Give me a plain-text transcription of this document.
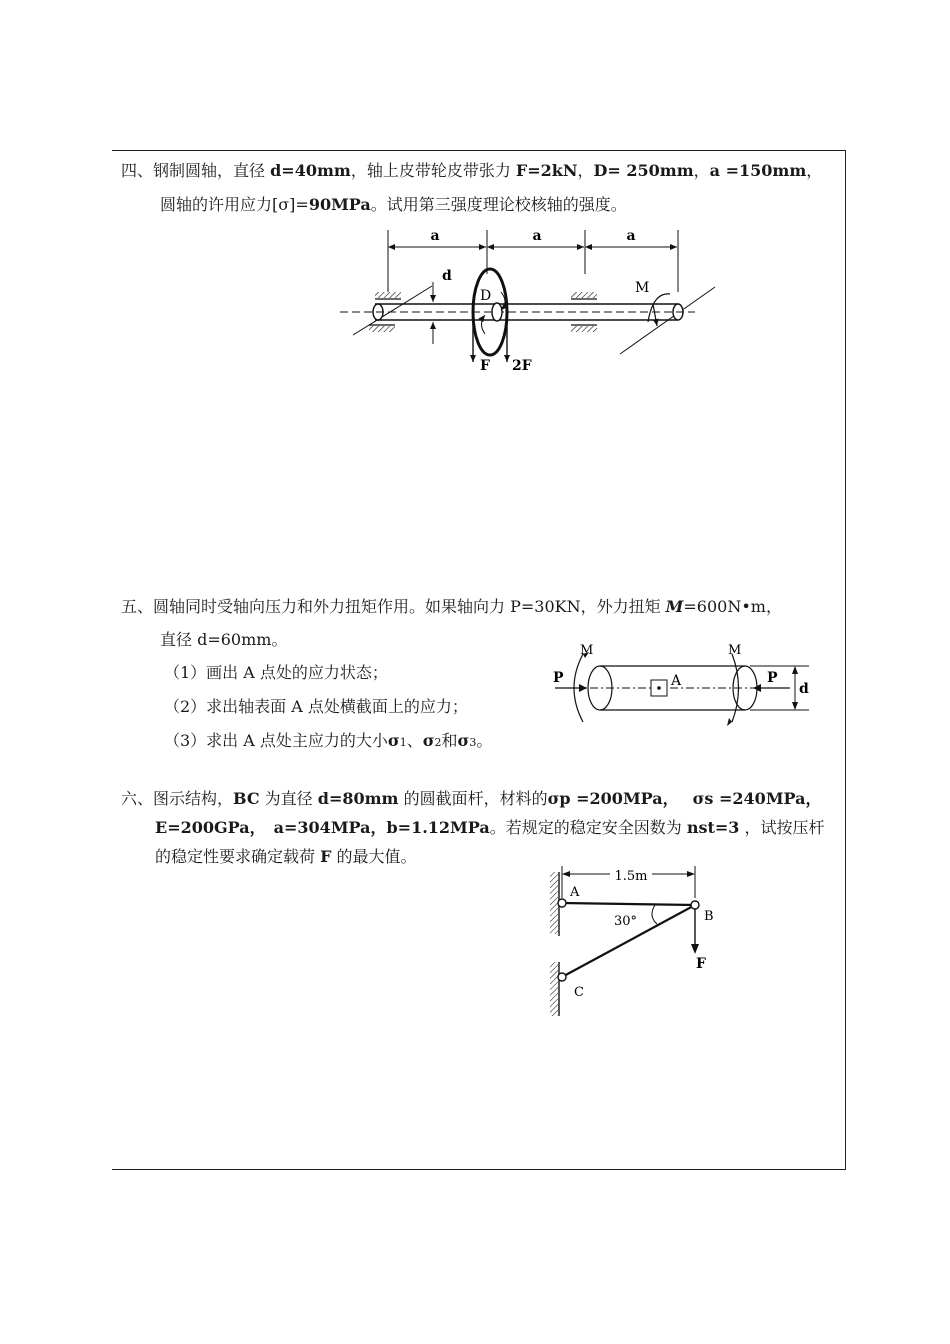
四、钢制圆轴，直径 d=40mm，轴上皮带轮皮带张力 F=2kN，D= 250mm，a =150mm，
圆轴的许用应力[σ]=90MPa。试用第三强度理论校核轴的强度。
a	a	a
d
D
F 2F
M
五、圆轴同时受轴向压力和外力扭矩作用。如果轴向力 P=30KN，外力扭矩 M=600N•m，
直径 d=60mm。
（1）画出 A 点处的应力状态；
（2）求出轴表面 A 点处横截面上的应力；
（3）求出 A 点处主应力的大小σ1、σ2和σ3。
A
M	M
P	P
d
六、图示结构，BC 为直径 d=80mm 的圆截面杆，材料的σp =200MPa， σs =240MPa，
E=200GPa， a=304MPa，b=1.12MPa。若规定的稳定安全因数为 nst=3 ，试按压杆
的稳定性要求确定载荷 F 的最大值。
1.5m
30°
F
A
B
C
